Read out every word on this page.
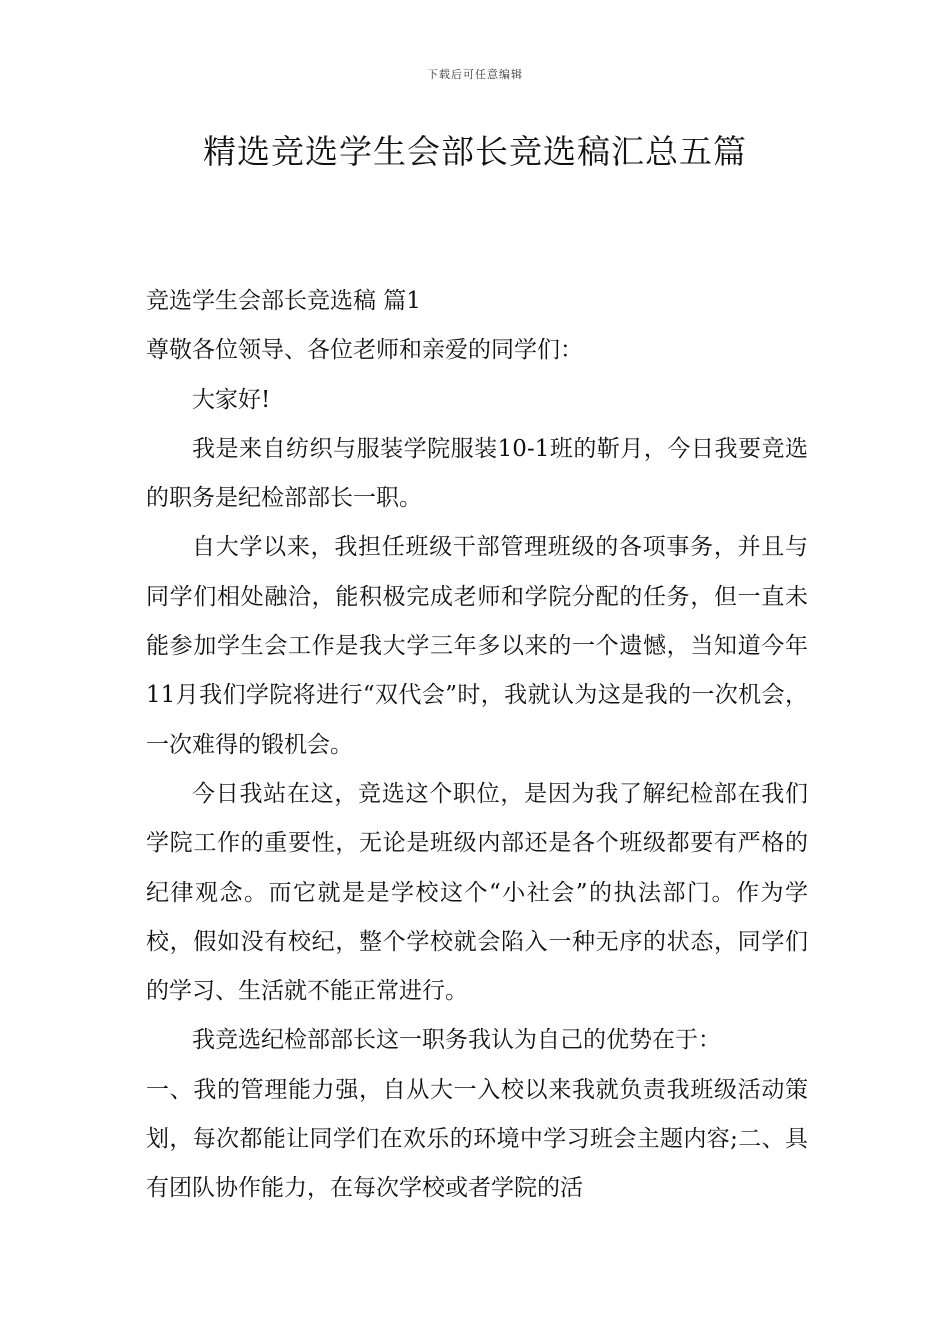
下载后可任意编辑
精选竞选学生会部长竞选稿汇总五篇

竞选学生会部长竞选稿 篇1

尊敬各位领导、各位老师和亲爱的同学们：

大家好!

我是来自纺织与服装学院服装10-1班的靳月，今日我要竞选的职务是纪检部部长一职。

自大学以来，我担任班级干部管理班级的各项事务，并且与同学们相处融洽，能积极完成老师和学院分配的任务，但一直未能参加学生会工作是我大学三年多以来的一个遗憾，当知道今年11月我们学院将进行“双代会”时，我就认为这是我的一次机会，一次难得的锻机会。

今日我站在这，竞选这个职位，是因为我了解纪检部在我们学院工作的重要性，无论是班级内部还是各个班级都要有严格的纪律观念。而它就是是学校这个“小社会”的执法部门。作为学校，假如没有校纪，整个学校就会陷入一种无序的状态，同学们的学习、生活就不能正常进行。

我竞选纪检部部长这一职务我认为自己的优势在于：

一、我的管理能力强，自从大一入校以来我就负责我班级活动策划，每次都能让同学们在欢乐的环境中学习班会主题内容;二、具有团队协作能力，在每次学校或者学院的活
